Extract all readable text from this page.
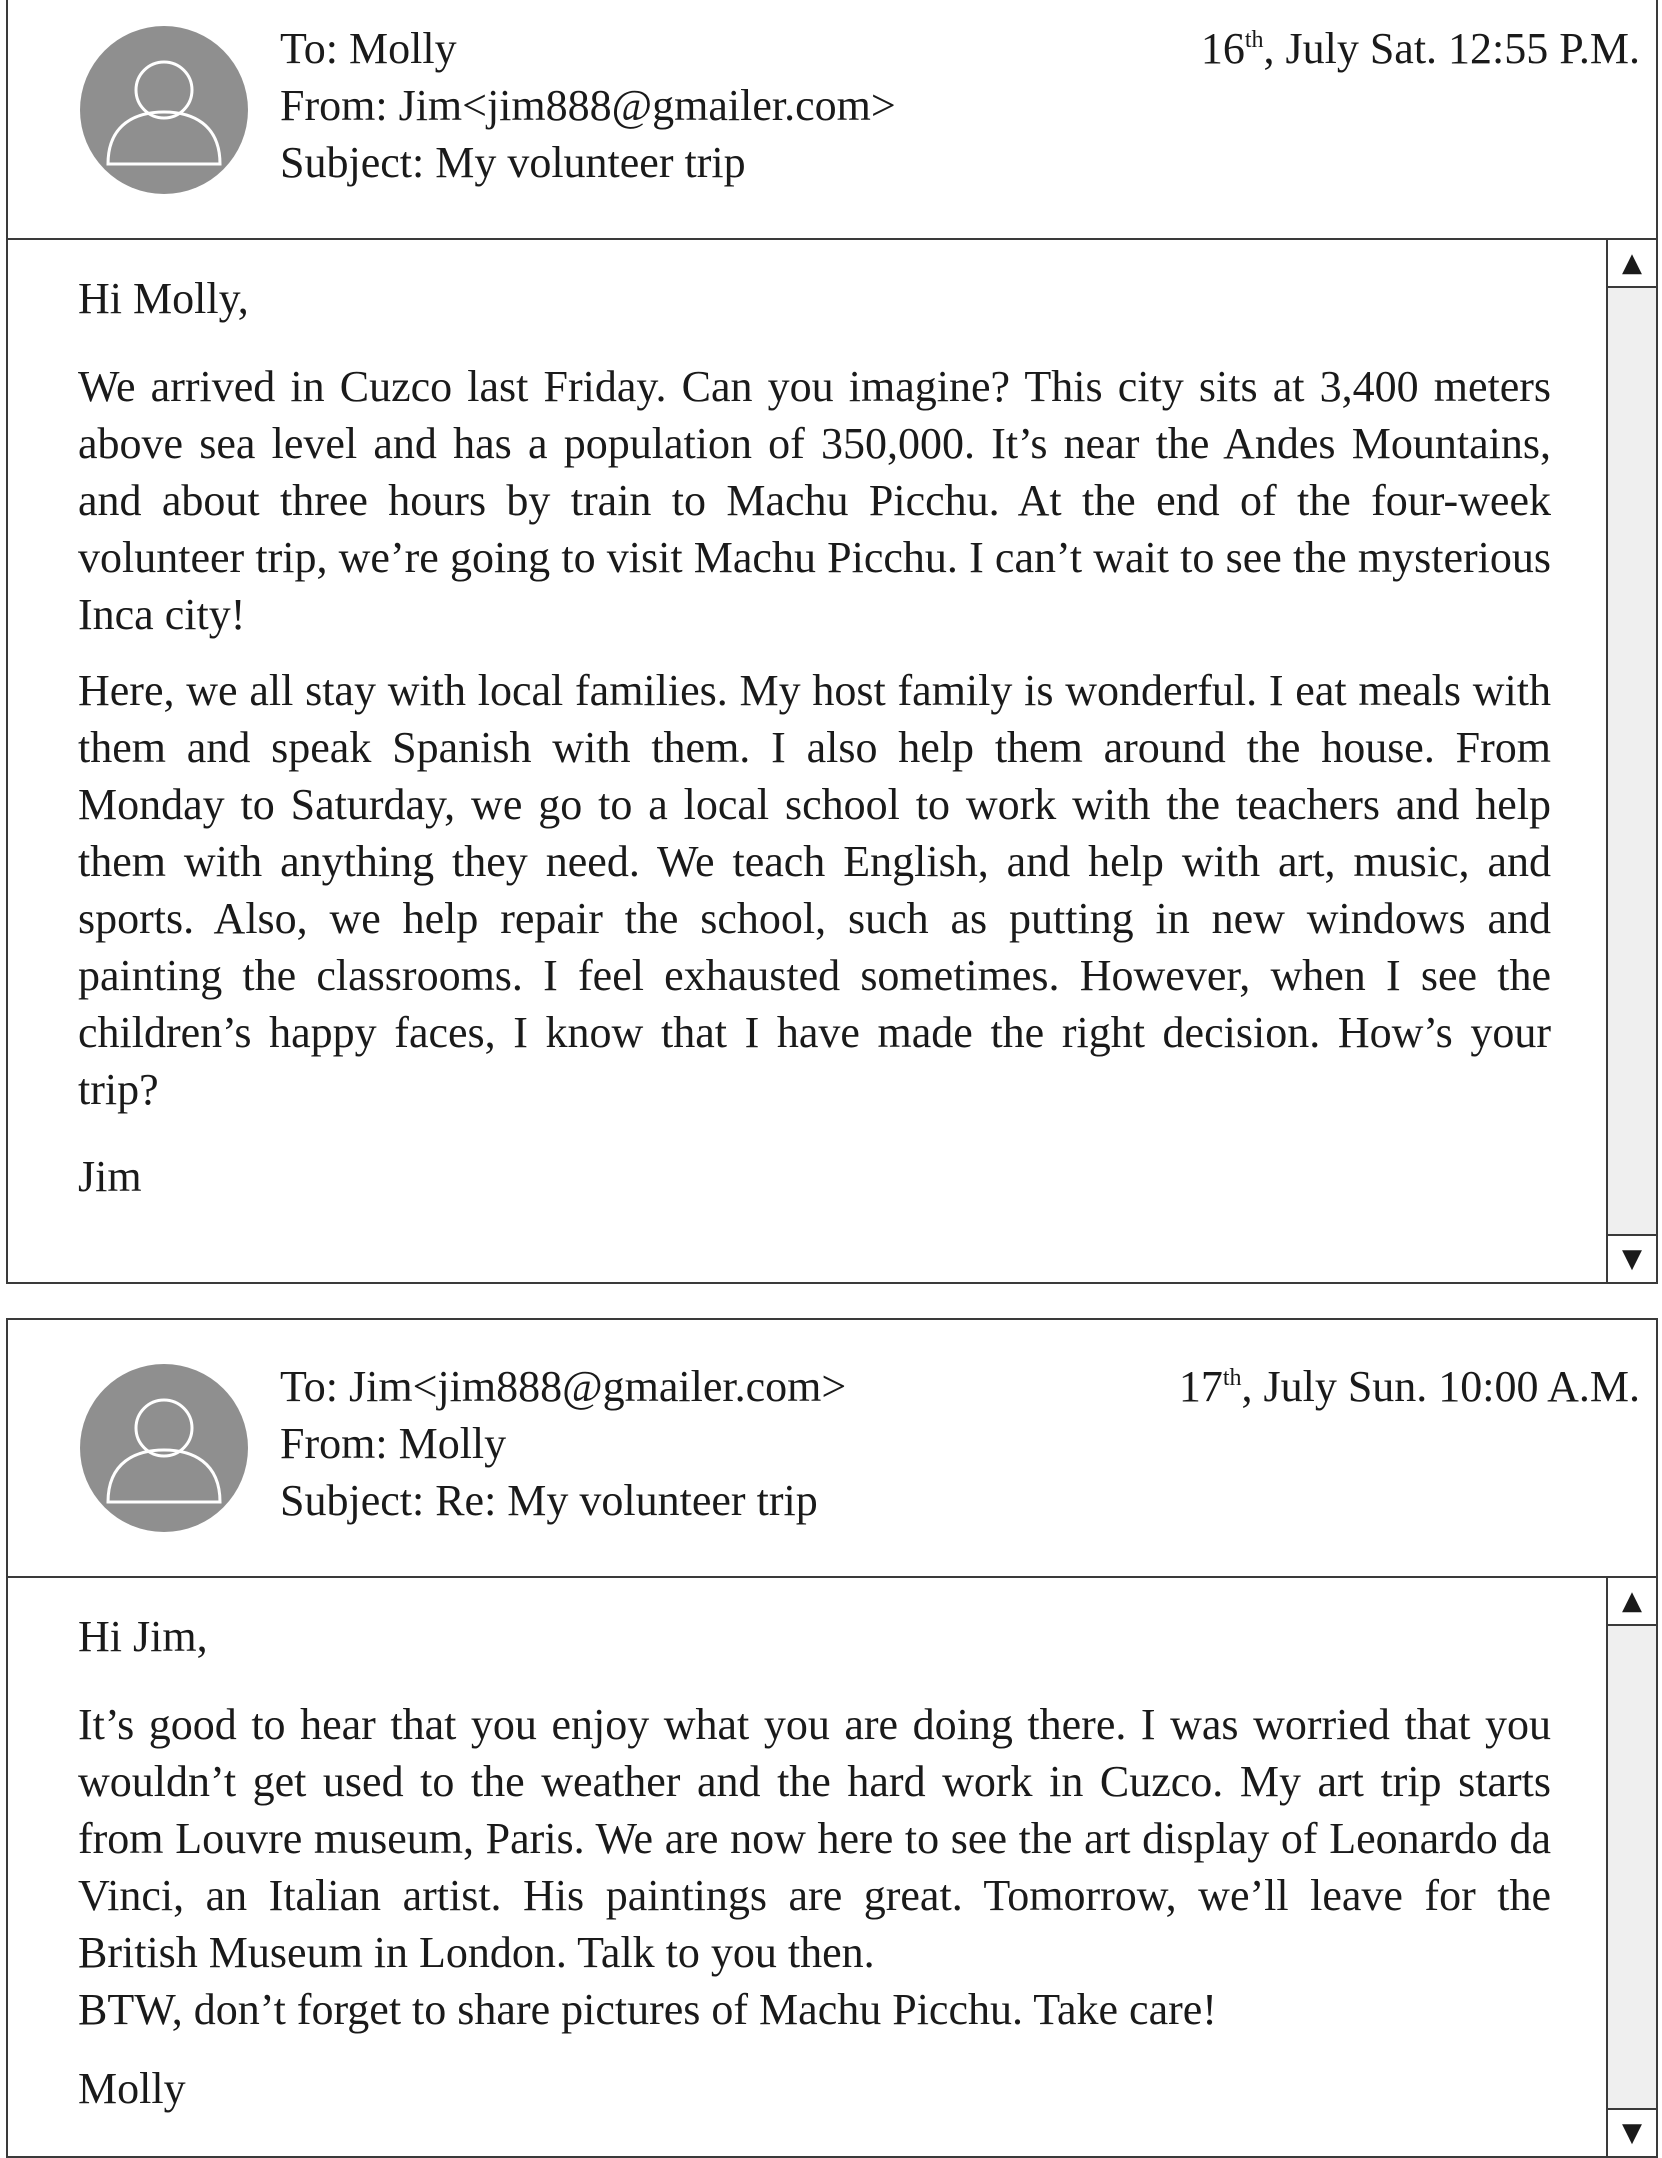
To: Molly
From: Jim<jim888@gmailer.com>
Subject: My volunteer trip
16th, July Sat. 12:55 P.M.

Hi Molly,

We arrived in Cuzco last Friday. Can you imagine? This city sits at 3,400 meters above sea level and has a population of 350,000. It’s near the Andes Mountains, and about three hours by train to Machu Picchu. At the end of the four-week volunteer trip, we’re going to visit Machu Picchu. I can’t wait to see the mysterious Inca city!

Here, we all stay with local families. My host family is wonderful. I eat meals with them and speak Spanish with them. I also help them around the house. From Monday to Saturday, we go to a local school to work with the teachers and help them with anything they need. We teach English, and help with art, music, and sports. Also, we help repair the school, such as putting in new windows and painting the classrooms. I feel exhausted sometimes. However, when I see the children’s happy faces, I know that I have made the right decision. How’s your trip?

Jim

▲
▼
To: Jim<jim888@gmailer.com>
From: Molly
Subject: Re: My volunteer trip
17th, July Sun. 10:00 A.M.

Hi Jim,

It’s good to hear that you enjoy what you are doing there. I was worried that you wouldn’t get used to the weather and the hard work in Cuzco. My art trip starts from Louvre museum, Paris. We are now here to see the art display of Leonardo da Vinci, an Italian artist. His paintings are great. Tomorrow, we’ll leave for the British Museum in London. Talk to you then.

BTW, don’t forget to share pictures of Machu Picchu. Take care!

Molly

▲
▼
